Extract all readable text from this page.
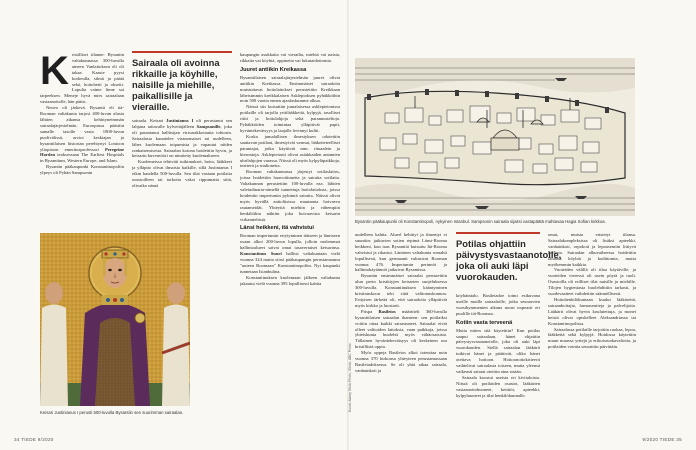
K ristilliset tilanne: Bysantin valtakunnassa 300-luvulla aineen Vanlaitoksen eli oli takaa. Kaaste pyysi korkeulla, silmä ja päätä sekä, hoitohetti ja oksetti. Lopulta vaime linne sai tarpeeksen. Meneje hyvä mies sairaalaan vastaanottolle, hän pätisi.

Neuvo oli järkevä. Bysantti eli itä-Rooman valtakunta tarjosi 400-luvun alusta lähtien aikansa kehittyneimmän sairaalajärjestelmän. Euroopassa päästiin samalle tasolle vasta 1800-luvun puolivälissä, arvioi keskiajan ja bysanttilaisen historian perehtynyt Lontoon yliopiston emeritusprofessori Peregrine Horden teoksessaan The Earliest Hospitals in Byzantium, Western Europe, and Islam.

Bysantin pääkaupunki Konstantinopoliin ylpeys oli Pyhän Sampsonin

Sairaala oli avoinna rikkaille ja köyhille, naisille ja miehille, paikallisille ja vieraille.

sairaala. Keisari Justinianus I oli perustanut sen lahjana taitavalle kylvettäjälleen Sampsonille, joka oli parantanut hallitsijan virtsarakkotautia tohtorin. Sairaalasta kuuntelee viranomaiset tai uudelleen, lähes kuolemaan toipumista ja vapautui niiden rankaisemisesta. Sairaalan kotona hoidettiin hyvin, ja keisarin kuvernööri on nimitetty kuolemakseen.

Kuolemeissa tehtiväti tutkimukset, hoito, lääkkeet ja ylläpito olivat ilmaisia kaikille, sillä Justinianus I eikin kaudella 500-luvulla. Sen tilat vastaan potilaita osastoilleen tai torkotta vaksi rippumatta siitä, olivatko nämä

kaupungin asukkaita vai vierailta, miehiä vai naisia, rikkaita vai köyhiä, oppineita vai lukutaidottomia.

Juuret antiikin Kreikassa

Bysanttilaisen sairaalajärjestelmän juuret olivat antiikin Kreikassa. Ensimmäiset sairaaloita muistuttavat hoitolaitokset perustettiin Kreikkaan läheisimmin kreikkalaisen Asklepioksen pyhäkköihin noin 500 vuotta ennen ajanlaskumme alkua.

Näissä siis kutsuttiin jumalaisessa asklepieionissa potilaille oli tarjolla yrttilääkkeitä, kylpyjä, tasolliset riitit ja hoitolahjoja sekä parannusteltoja. Pyhäkköiden toimintaa ylläpitivät papit, hyväntekeväisyys ja laajalle levinnyt kultti.

Koska jumalallisen ilmestyksen odotettiin saattavan potilaat, ilmestyivät varmat, lääketieteelliset parantajat, jotka käyttivät mm. rituaalein ja hierontoja. Asklepieionit olivat asiakkaiden antamien uhrilahjojen varassa. Niissä oli myös kylpyläpaikkoja, teatterit ja stadioneita.

Rooman valtakunnassa järjestyi sotilaslaitos, joissa hoidettiin haavoittuneita ja sairaita sotilaita. Valtakunnan perustettiin 100-luvulla eaa. lähtien valetudinaria-nimellä tunnettuja hoitolaitoksia, joissa hoidettiin imperiumin pyhimiä sairaita. Näissä olivat myös hyvällä antioliisissa muutamia hoivaeva rautameidät. Yhteyttä miehiin ja vähempiin henkilöihin nähtiin joka hoivaavista keisarin virkamiehistä.

Länsi heikkeni, itä vahvistui

Rooman imperiumin eriytyminen itäiseen ja läntiseen osaan alkoi 200-luvun lopulla, jolloin molemmat hallintoalueet saivat omat tasavertaiset keisarinsa. Konstantinus Suuri hallitsi valtakuntaan vielä vuonna 324 mutta siirsi pääkaupungin perustamaansa "uuteen Roomaan" Konstantinopoliin. Nyt kaupunki tunnetaan Istanbulina.

Konstantinuksen kuolemaan jälkeen valtakunta jakautui vielä vuonna 395 lopullisesti kahtia

Keisari Justinianus I perusti 500-luvulla Bysantiin sen suurimman sairaalan.
34 TIEDE 9/2020
Bysantin pääkaupunki oli Konstantinopoli, nykyinen Istanbul. Sampsonin sairaala sijaitsi vastapäätä mahtavaa Hagia Sofian kirkkoa.
Kuvat: Alamy Stock Photo, iStock, ABC Photo

uudelleen kahtia. Aluerl kehittyi ja ilmentyi ei suuntiin: jatkuvien sotien repimä Länsi-Rooma heikkeni, kun taas Bysanttiä kutsuttu Itä-Rooma vahvistui ja rikastui. Läntinen valtakunta romahti lopullisesti, kun germaanit valtasivat Rooman vuonna 476. Imperiumin perinnöt ja hallintokäytännöt jatkuivat Bysantissa.

Bysantin ensimmäiset sairaalat perustettiin alun perin kristittyjen keisarien suojeluksessa 300-luvulla. Konstantinuksen kääntyminen kristinuskoon teki siitä valtionuskonnon. Erityisen tärkeää oli, että sairaaloita ylläpitivät myös kirkko ja luostarit.

Piispa Basileios määritteli 360-luvulla bysanttilaisen sairaalan ihanteen: sen potilaiksi voitiin ottaa kaikki sairastuneet. Sairaalat eivät olleet valtioiden laitoksia, vaan paikkoja, joissa yhteiskunta huolehti myös vähäosaisista. Tällainen hyväntekeväisyys oli keskeinen osa kristillistä oppia.

Myös oppeja Basileios alkoi toteuttaa noin vuonna 370 kirkonsa yhteyteen perustamassaan Basileiadoksessa. Se oli yhtä aikaa sairaala, vanhainkoti ja

Potilas ohjattiin päivystysvastaanotolle, joka oli auki läpi vuorokauden.

köyhäintalo. Basileiadoe toimi esikuvana useille muille sairaaloille, jotka seuraavien vuosikymmenten aikana nousi nopeasti eri puolille itä-Roomaa.

Kotiin vasta terveenä

Mutta miten sitä käytettiin? Kun potilas saapui sairaalaan, hänet ohjattiin päivystysvastaanotolle, joka oli auki läpi vuorokauden. Siellä sairaalan lääkärit tutkivat hänet ja päättivät, oliko hänet otettava hoitoon. Hoitoonottokriteerit vaihtelivat sairaalasta toiseen, mutta yleensä vaikeasti sairaat otettiin aina sisään.

Sairaala koostui useista eri kivitaloista. Niissä oli potilaiden osastot, lääkärien vastaanottohuoneet, keittiöt, apteekki, kylpyhuoneet ja tilat henkilökunnalle.

omat, muista eristetyt tilansa. Sairaalakompleksissa oli lisäksi apteekki, vanhainkoti, orpokoti ja lepoasemiin liittyvä hallinto. Sairaalan alkuvaiheessa hoidettiin lähinnä köyhiä ja kodittomia, mutta myöhemmin kaikkia.

Vuoteiden välillä oli tilaa käytäville, ja vuoteiden vieressä oli usein pöytä ja tuoli. Osastoilla oli erilliset tilat naisille ja miehille. Tilojen hygieniasta huolehdittiin tarkasti, ja vuodevaatteet vaihdettiin säännöllisesti.

Hoitohenkilökuntaan kuului lääkäreitä, sairaanhoitajia, farmaseutteja ja palvelijoita. Lääkärit olivat hyvin koulutettuja, ja monet heistä olivat opiskelleet Aleksandriassa tai Konstantinopolissa.

Sairaalassa potilaille tarjottiin ruokaa, lepoa, lääkkeitä sekä kylpyjä. Hoidossa käytettiin muun muassa yrttejä ja erikoisruokavalioita, ja potilaiden vointia seurattiin päivittäin.

9/2020 TIEDE 35
